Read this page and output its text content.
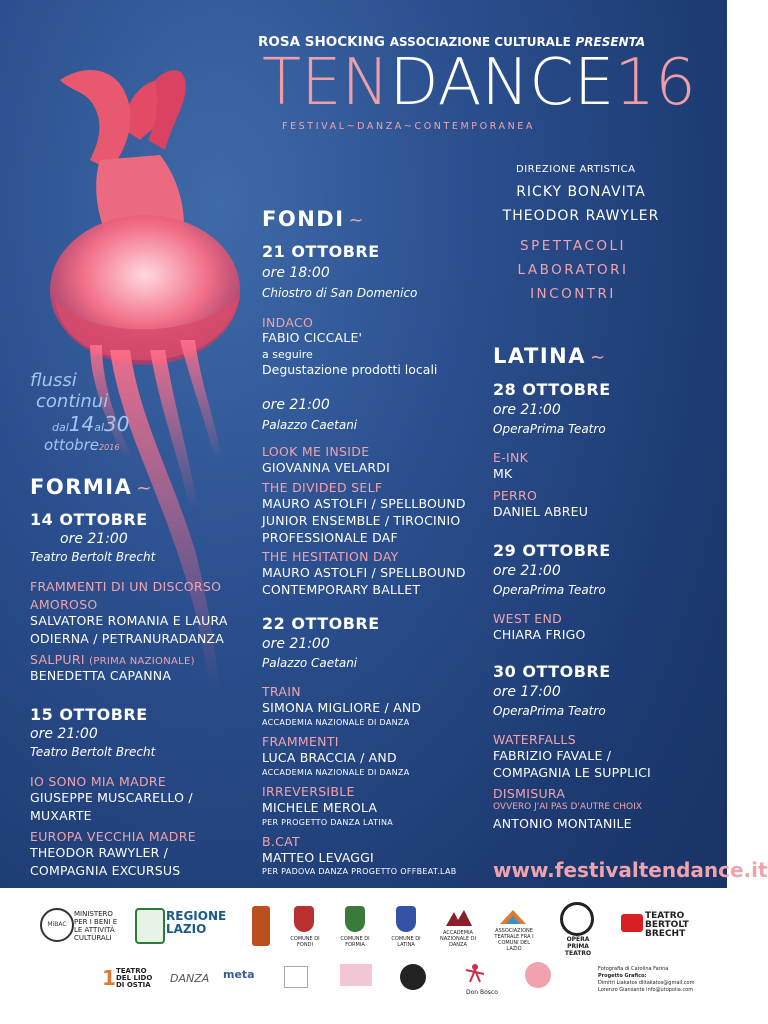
ROSA SHOCKING ASSOCIAZIONE CULTURALE PRESENTA
TENDANCE16
FESTIVAL~DANZA~CONTEMPORANEA
DIREZIONE ARTISTICA
RICKY BONAVITA
THEODOR RAWYLER
SPETTACOLI
LABORATORI
INCONTRI
flussi
continui
dal14al30
ottobre2016
FORMIA ~
14 OTTOBRE
ore 21:00
Teatro Bertolt Brecht
FRAMMENTI DI UN DISCORSO
AMOROSO
SALVATORE ROMANIA E LAURA
ODIERNA / PETRANURADANZA
SALPURI (PRIMA NAZIONALE)
BENEDETTA CAPANNA
15 OTTOBRE
ore 21:00
Teatro Bertolt Brecht
IO SONO MIA MADRE
GIUSEPPE MUSCARELLO /
MUXARTE
EUROPA VECCHIA MADRE
THEODOR RAWYLER /
COMPAGNIA EXCURSUS
FONDI ~
21 OTTOBRE
ore 18:00
Chiostro di San Domenico
INDACO
FABIO CICCALE'
a seguire
Degustazione prodotti locali
ore 21:00
Palazzo Caetani
LOOK ME INSIDE
GIOVANNA VELARDI
THE DIVIDED SELF
MAURO ASTOLFI / SPELLBOUND
JUNIOR ENSEMBLE / TIROCINIO
PROFESSIONALE DAF
THE HESITATION DAY
MAURO ASTOLFI / SPELLBOUND
CONTEMPORARY BALLET
22 OTTOBRE
ore 21:00
Palazzo Caetani
TRAIN
SIMONA MIGLIORE / AND
ACCADEMIA NAZIONALE DI DANZA
FRAMMENTI
LUCA BRACCIA / AND
ACCADEMIA NAZIONALE DI DANZA
IRREVERSIBLE
MICHELE MEROLA
PER PROGETTO DANZA LATINA
B.CAT
MATTEO LEVAGGI
PER PADOVA DANZA PROGETTO OFFBEAT.LAB
LATINA ~
28 OTTOBRE
ore 21:00
OperaPrima Teatro
E-INK
MK
PERRO
DANIEL ABREU
29 OTTOBRE
ore 21:00
OperaPrima Teatro
WEST END
CHIARA FRIGO
30 OTTOBRE
ore 17:00
OperaPrima Teatro
WATERFALLS
FABRIZIO FAVALE /
COMPAGNIA LE SUPPLICI
DISMISURA
OVVERO J'AI PAS D'AUTRE CHOIX
ANTONIO MONTANILE
www.festivaltendance.it
MiBAC
MINISTERO
PER I BENI E
LE ATTIVITÀ
CULTURALI
REGIONE
LAZIO
COMUNE DI FONDI
COMUNE DI FORMIA
COMUNE DI LATINA
ACCADEMIA NAZIONALE DI DANZA
ASSOCIAZIONE TEATRALE FRA I COMUNI DEL LAZIO
OPERA PRIMA
TEATRO
TEATRO
BERTOLT
BRECHT
1 TEATRO
DEL LIDO
DI OSTIA DANZA meta
Don Bosco
Fotografia di Carolina Farina
Progetto Grafico:
Dimitri Liakatos dlitakatos@gmail.com
Lorenzo Giansante info@utopoiia.com
